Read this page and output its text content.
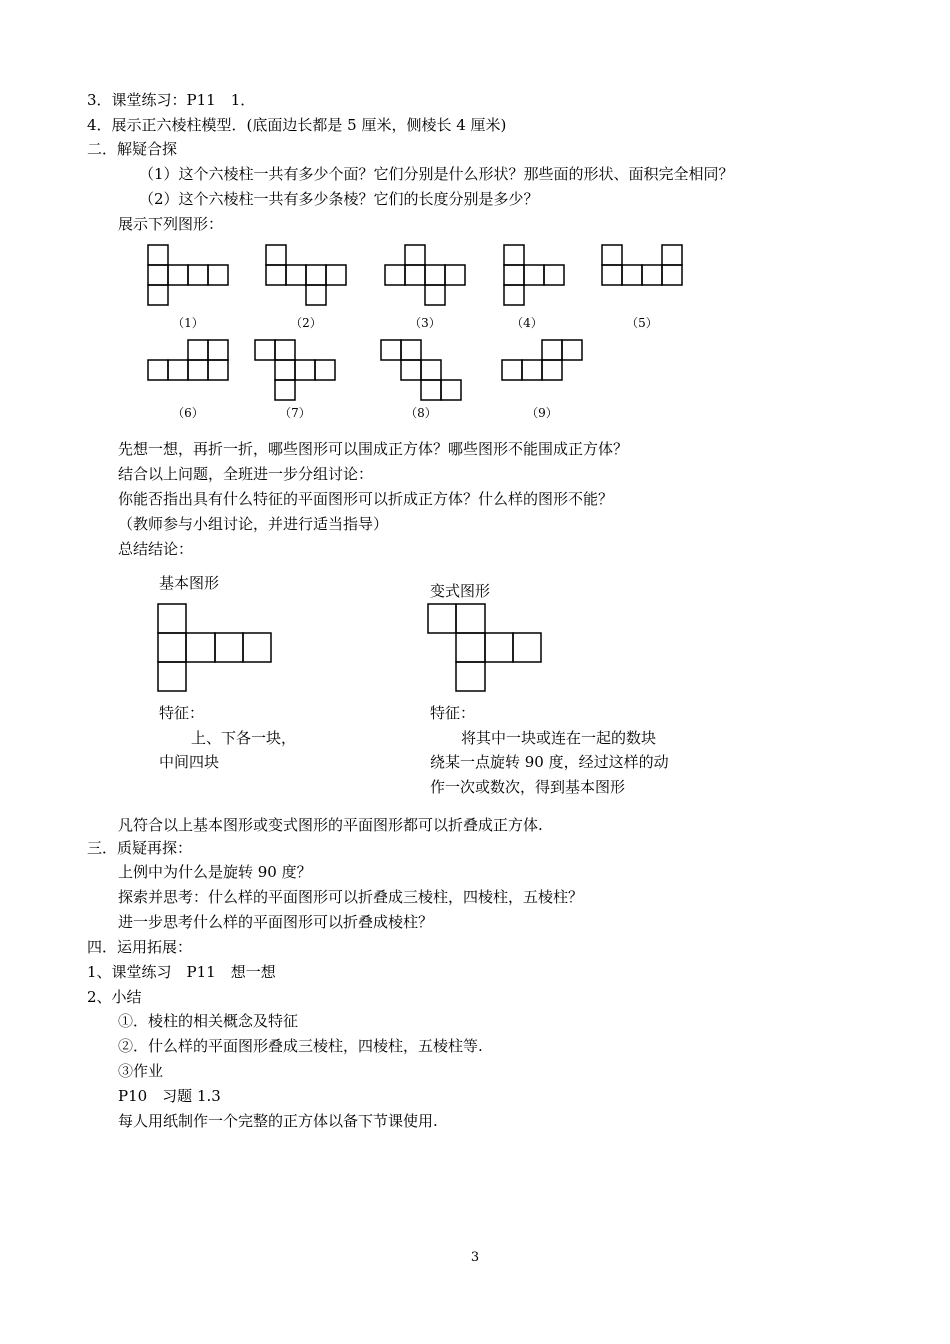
3．课堂练习：P11　1．
4．展示正六棱柱模型．(底面边长都是 5 厘米，侧棱长 4 厘米)
二．解疑合探
（1）这个六棱柱一共有多少个面？它们分别是什么形状？那些面的形状、面积完全相同？
（2）这个六棱柱一共有多少条棱？它们的长度分别是多少？
展示下列图形：
（1）	（2）	（3）	（4）	（5）
（6）	（7）	（8）	（9）
先想一想，再折一折，哪些图形可以围成正方体？哪些图形不能围成正方体？
结合以上问题，全班进一步分组讨论：
你能否指出具有什么特征的平面图形可以折成正方体？什么样的图形不能？
（教师参与小组讨论，并进行适当指导）
总结结论：
基本图形
特征：
上、下各一块，
中间四块
变式图形
特征：
将其中一块或连在一起的数块
绕某一点旋转 90 度，经过这样的动
作一次或数次，得到基本图形
凡符合以上基本图形或变式图形的平面图形都可以折叠成正方体.
三．质疑再探：
上例中为什么是旋转 90 度？
探索并思考：什么样的平面图形可以折叠成三棱柱，四棱柱，五棱柱？
进一步思考什么样的平面图形可以折叠成棱柱？
四．运用拓展：
1、课堂练习　P11　想一想
2、小结
①．棱柱的相关概念及特征
②．什么样的平面图形叠成三棱柱，四棱柱，五棱柱等.
③作业
P10　习题 1.3
每人用纸制作一个完整的正方体以备下节课使用.
3
